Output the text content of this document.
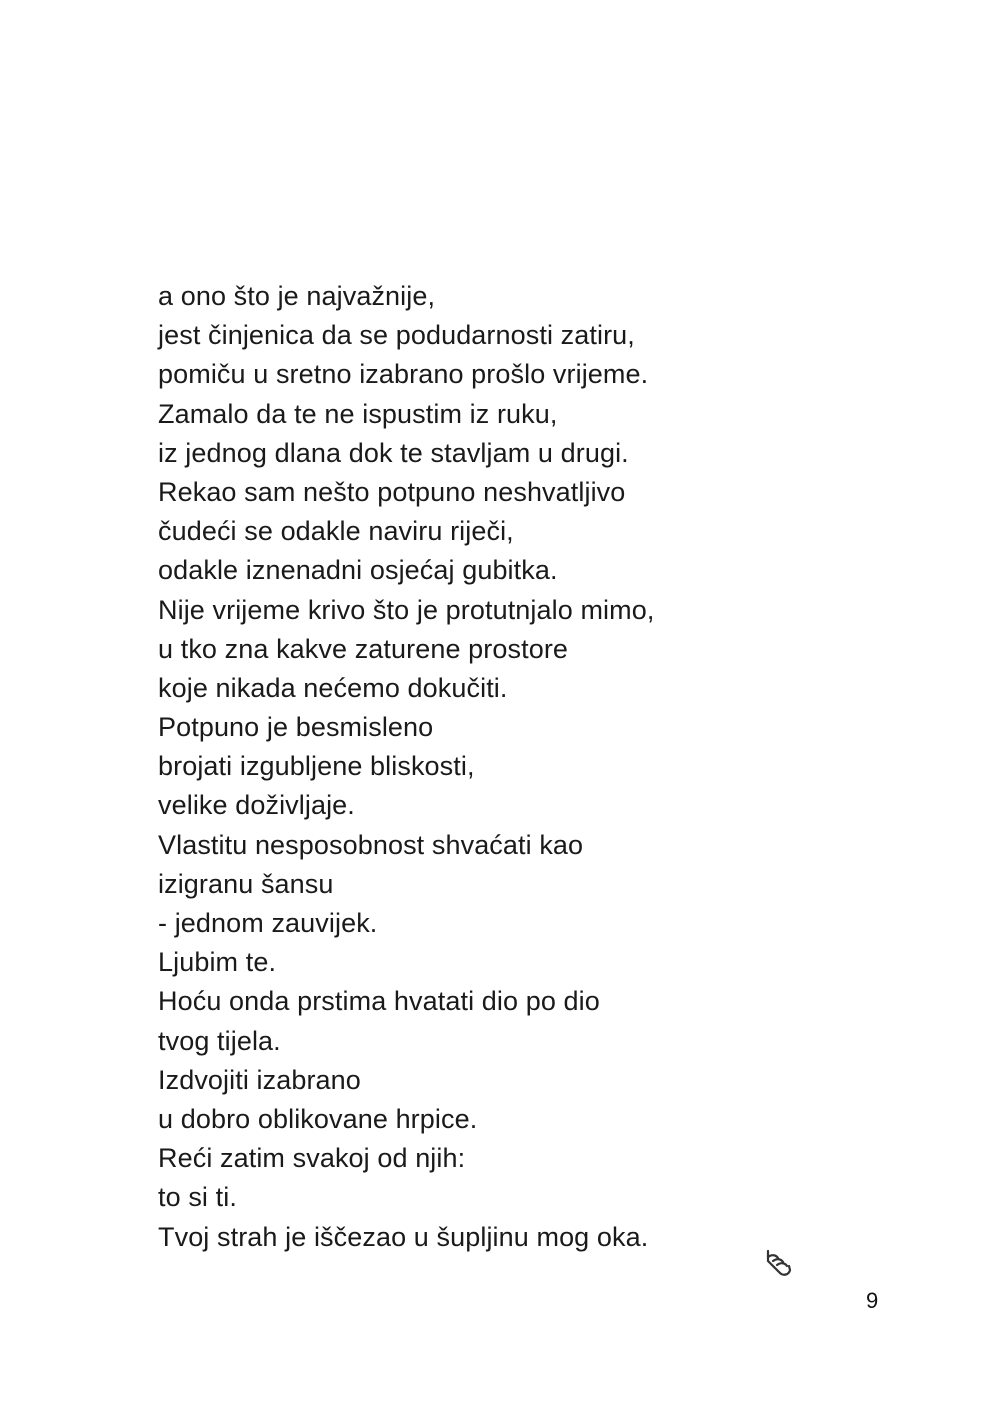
a ono što je najvažnije,
jest činjenica da se podudarnosti zatiru,
pomiču u sretno izabrano prošlo vrijeme.
Zamalo da te ne ispustim iz ruku,
iz jednog dlana dok te stavljam u drugi.
Rekao sam nešto potpuno neshvatljivo
čudeći se odakle naviru riječi,
odakle iznenadni osjećaj gubitka.
Nije vrijeme krivo što je protutnjalo mimo,
u tko zna kakve zaturene prostore
koje nikada nećemo dokučiti.
Potpuno je besmisleno
brojati izgubljene bliskosti,
velike doživljaje.
Vlastitu nesposobnost shvaćati kao
izigranu šansu
- jednom zauvijek.
Ljubim te.
Hoću onda prstima hvatati dio po dio
tvog tijela.
Izdvojiti izabrano
u dobro oblikovane hrpice.
Reći zatim svakoj od njih:
to si ti.
Tvoj strah je iščezao u šupljinu mog oka.
9
